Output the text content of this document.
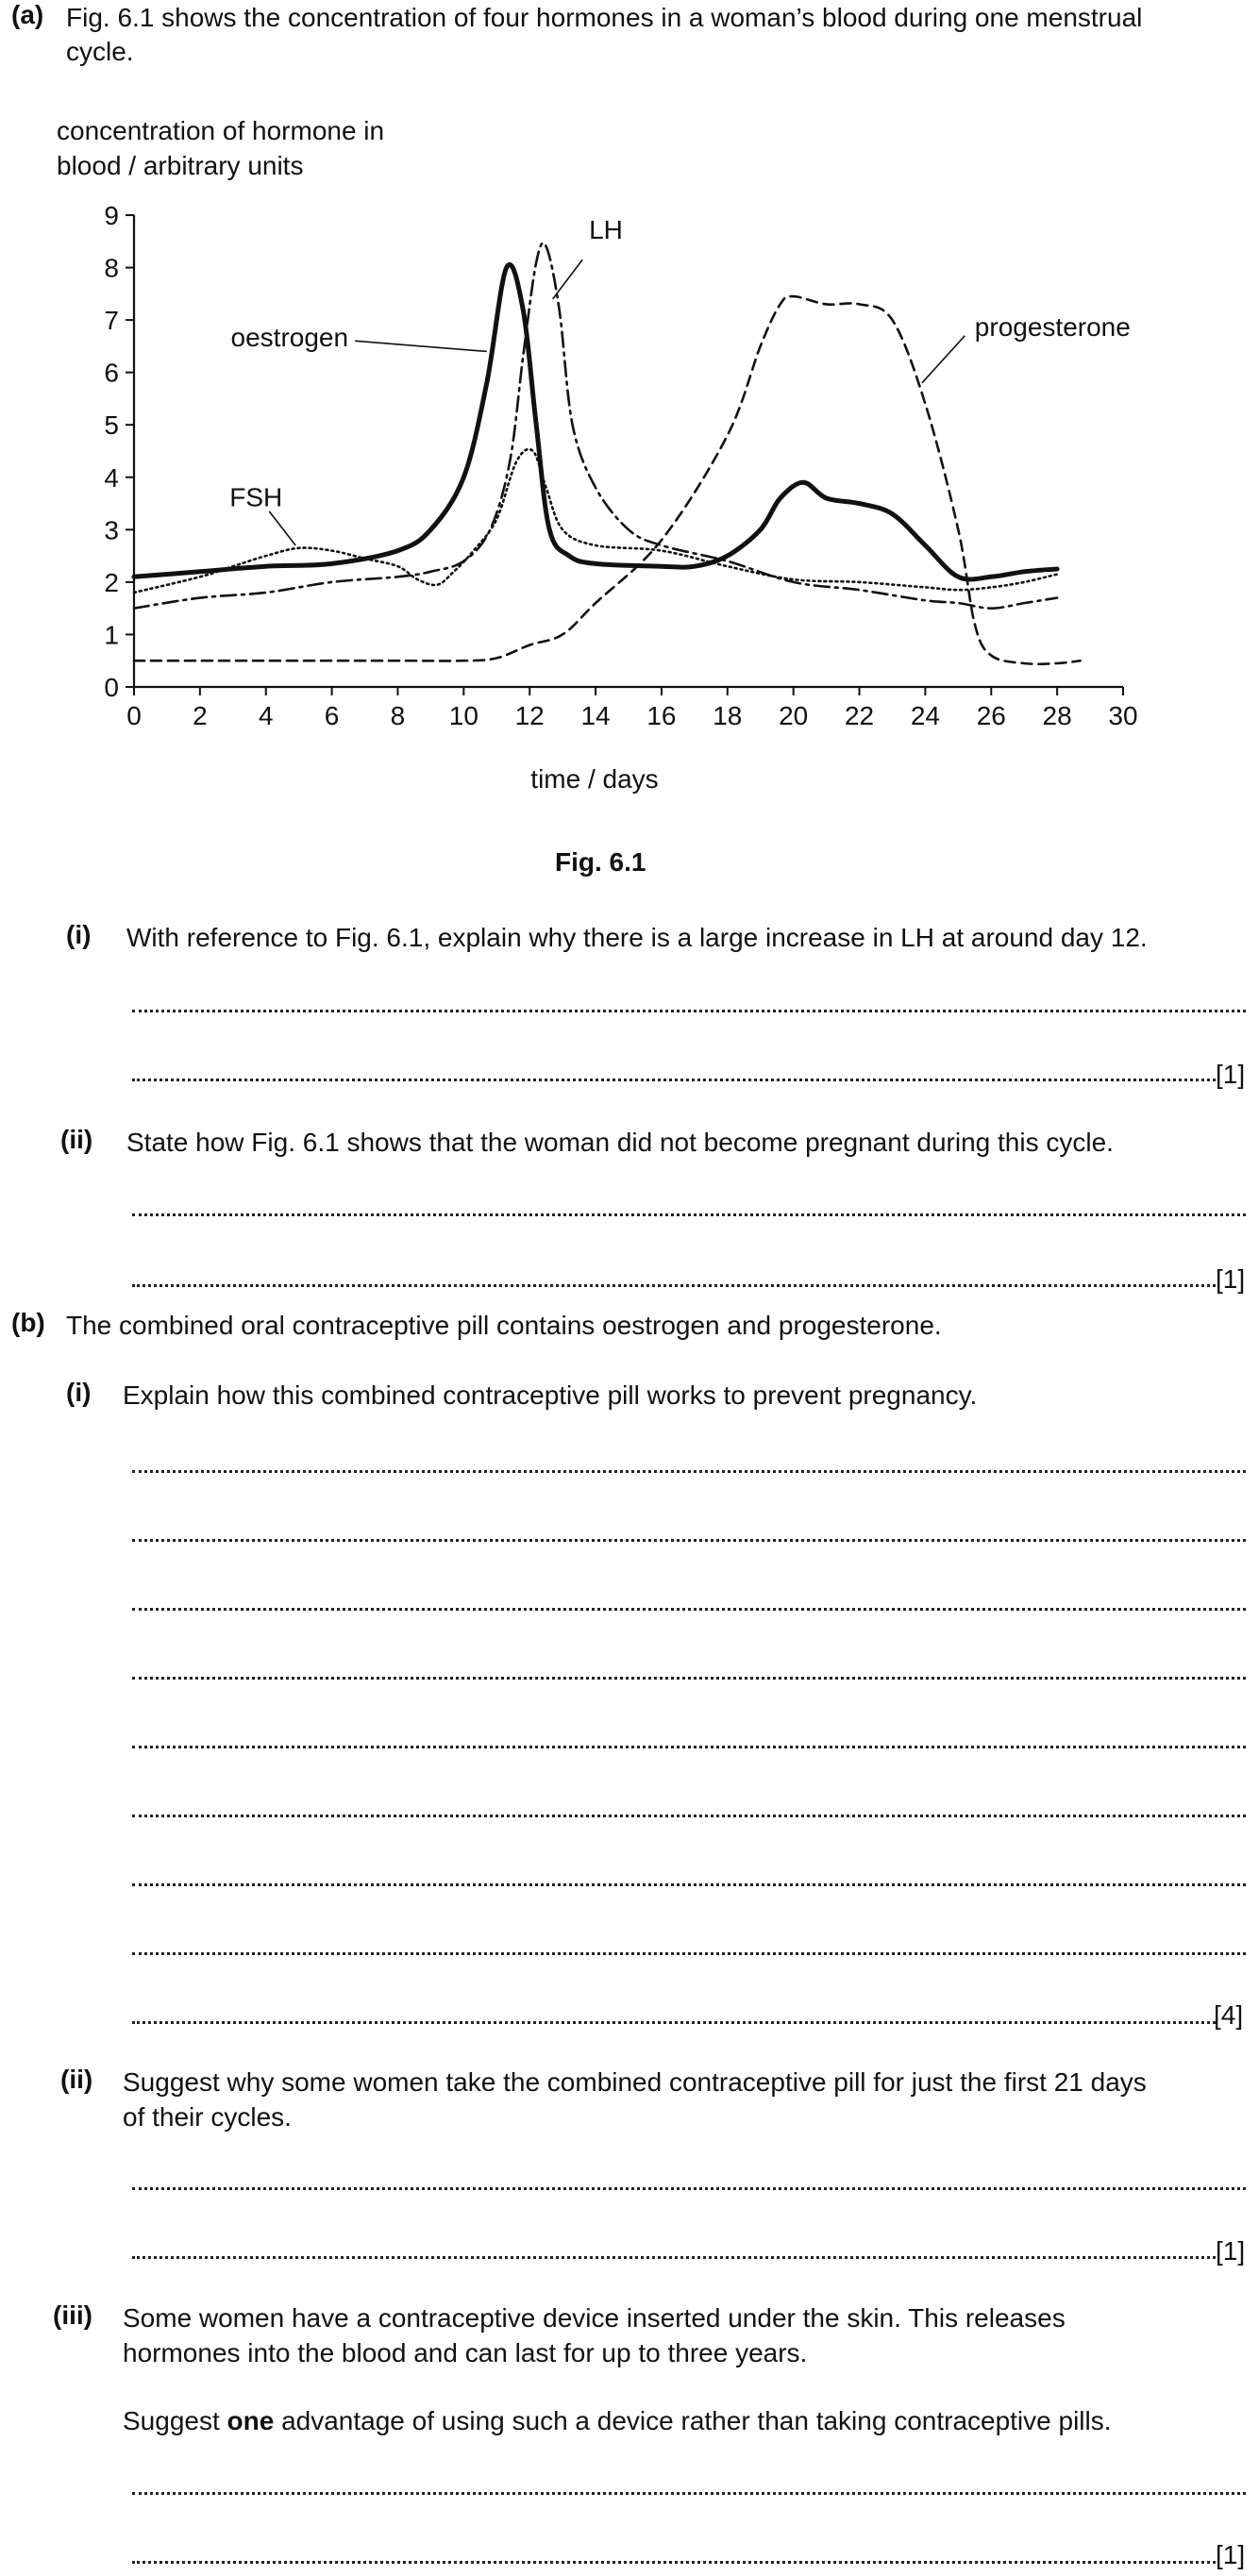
(a) Fig. 6.1 shows the concentration of four hormones in a woman’s blood during one menstrual
cycle.
concentration of hormone in
blood / arbitrary units
time / days
0
1
2
3
4
5
6
7
8
9
0 2 4 6 8 10 12 14 16 18 20 22 24 26 28 30
oestrogen
LH
FSH
progesterone
Fig. 6.1
(i) With reference to Fig. 6.1, explain why there is a large increase in LH at around day 12.
[1]
(ii) State how Fig. 6.1 shows that the woman did not become pregnant during this cycle.
[1]
(b) The combined oral contraceptive pill contains oestrogen and progesterone.
(i) Explain how this combined contraceptive pill works to prevent pregnancy.
[4]
(ii) Suggest why some women take the combined contraceptive pill for just the first 21 days
of their cycles.
[1]
(iii) Some women have a contraceptive device inserted under the skin. This releases
hormones into the blood and can last for up to three years.
Suggest one advantage of using such a device rather than taking contraceptive pills.
[1]
